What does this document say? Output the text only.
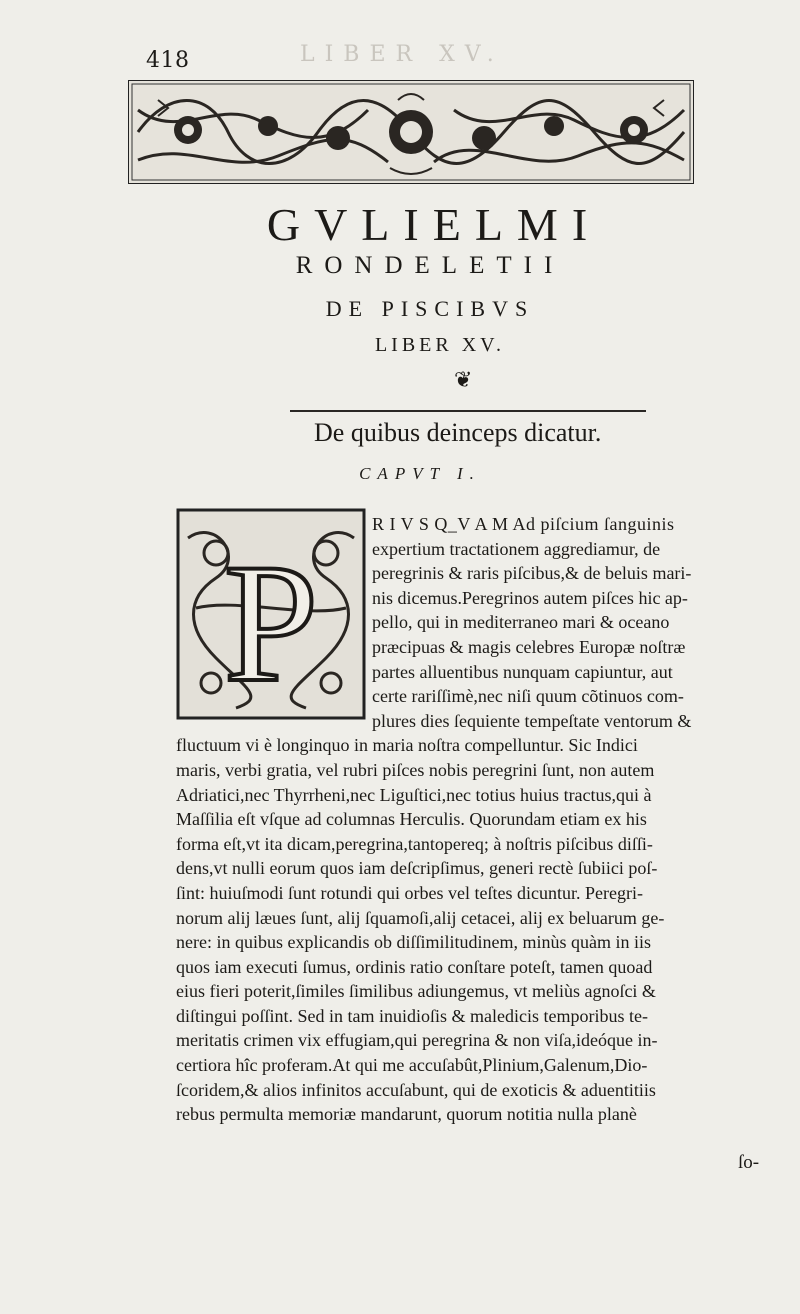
418	LIBER XV.
GVLIELMI
RONDELETII
DE PISCIBVS
LIBER XV.
❦
De quibus deinceps dicatur.
CAPVT I.
P
R I V S Q_V A M Ad piſcium ſanguinis
expertium tractationem aggrediamur, de
peregrinis & raris piſcibus,& de beluis mari-
nis dicemus.Peregrinos autem piſces hic ap-
pello, qui in mediterraneo mari & oceano
præcipuas & magis celebres Europæ noſtræ
partes alluentibus nunquam capiuntur, aut
certe rariſſimè,nec niſi quum cõtinuos com-
plures dies ſequiente tempeſtate ventorum &
fluctuum vi è longinquo in maria noſtra compelluntur. Sic Indici
maris, verbi gratia, vel rubri piſces nobis peregrini ſunt, non autem
Adriatici,nec Thyrrheni,nec Liguſtici,nec totius huius tractus,qui à
Maſſilia eſt vſque ad columnas Herculis. Quorundam etiam ex his
forma eſt,vt ita dicam,peregrina,tantopereq; à noſtris piſcibus diſſi-
dens,vt nulli eorum quos iam deſcripſimus, generi rectè ſubiici poſ-
ſint: huiuſmodi ſunt rotundi qui orbes vel teſtes dicuntur. Peregri-
norum alij læues ſunt, alij ſquamoſi,alij cetacei, alij ex beluarum ge-
nere: in quibus explicandis ob diſſimilitudinem, minùs quàm in iis
quos iam executi ſumus, ordinis ratio conſtare poteſt, tamen quoad
eius fieri poterit,ſimiles ſimilibus adiungemus, vt meliùs agnoſci &
diſtingui poſſint. Sed in tam inuidioſis & maledicis temporibus te-
meritatis crimen vix effugiam,qui peregrina & non viſa,ideóque in-
certiora hîc proferam.At qui me accuſabût,Plinium,Galenum,Dio-
ſcoridem,& alios infinitos accuſabunt, qui de exoticis & aduentitiis
rebus permulta memoriæ mandarunt, quorum notitia nulla planè
ſo-
